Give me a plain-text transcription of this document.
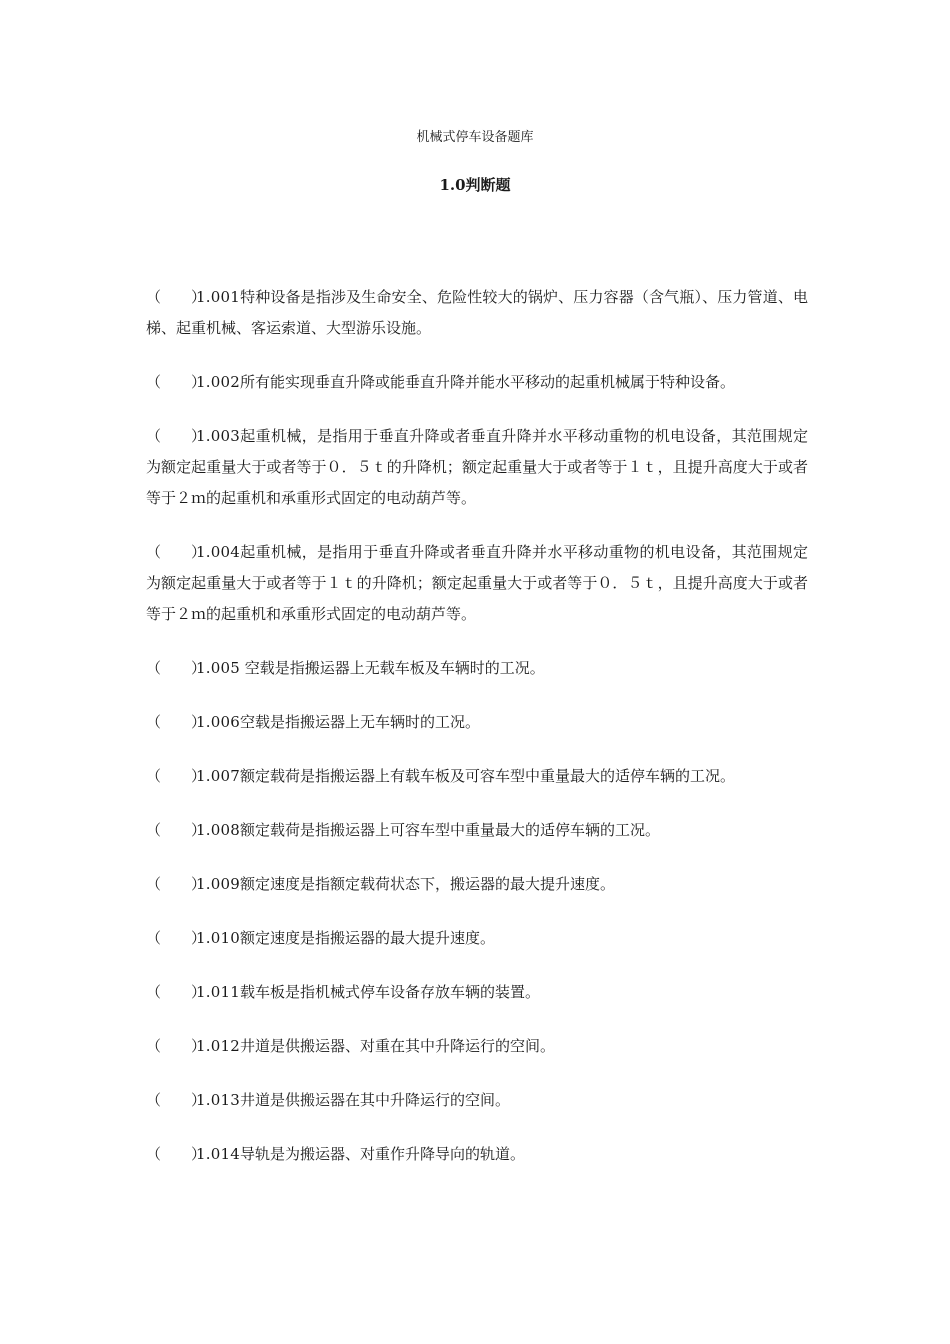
机械式停车设备题库
1.0判断题
（　　）1.001特种设备是指涉及生命安全、危险性较大的锅炉、压力容器（含气瓶）、压力管道、电梯、起重机械、客运索道、大型游乐设施。
（　　）1.002所有能实现垂直升降或能垂直升降并能水平移动的起重机械属于特种设备。
（　　）1.003起重机械，是指用于垂直升降或者垂直升降并水平移动重物的机电设备，其范围规定为额定起重量大于或者等于０．５ｔ的升降机；额定起重量大于或者等于１ｔ，且提升高度大于或者等于２ｍ的起重机和承重形式固定的电动葫芦等。
（　　）1.004起重机械，是指用于垂直升降或者垂直升降并水平移动重物的机电设备，其范围规定为额定起重量大于或者等于１ｔ的升降机；额定起重量大于或者等于０．５ｔ，且提升高度大于或者等于２ｍ的起重机和承重形式固定的电动葫芦等。
（　　）1.005 空载是指搬运器上无载车板及车辆时的工况。
（　　）1.006空载是指搬运器上无车辆时的工况。
（　　）1.007额定载荷是指搬运器上有载车板及可容车型中重量最大的适停车辆的工况。
（　　）1.008额定载荷是指搬运器上可容车型中重量最大的适停车辆的工况。
（　　）1.009额定速度是指额定载荷状态下，搬运器的最大提升速度。
（　　）1.010额定速度是指搬运器的最大提升速度。
（　　）1.011载车板是指机械式停车设备存放车辆的装置。
（　　）1.012井道是供搬运器、对重在其中升降运行的空间。
（　　）1.013井道是供搬运器在其中升降运行的空间。
（　　）1.014导轨是为搬运器、对重作升降导向的轨道。
